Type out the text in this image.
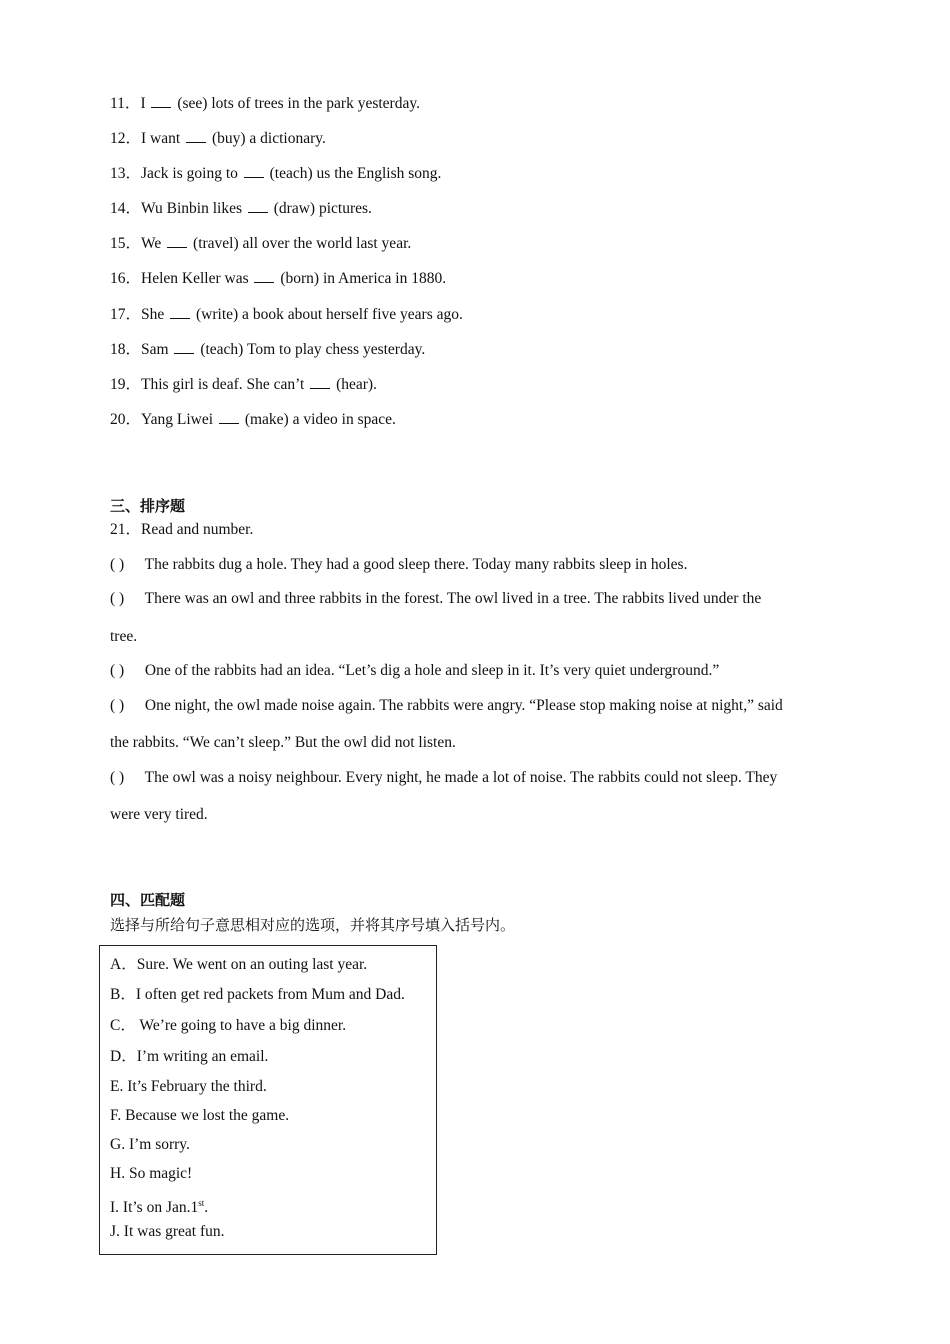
11．I (see) lots of trees in the park yesterday.
12．I want (buy) a dictionary.
13．Jack is going to (teach) us the English song.
14．Wu Binbin likes (draw) pictures.
15．We (travel) all over the world last year.
16．Helen Keller was (born) in America in 1880.
17．She (write) a book about herself five years ago.
18．Sam (teach) Tom to play chess yesterday.
19．This girl is deaf. She can’t (hear).
20．Yang Liwei (make) a video in space.
三、排序题
21．Read and number.
( ) The rabbits dug a hole. They had a good sleep there. Today many rabbits sleep in holes.
( ) There was an owl and three rabbits in the forest. The owl lived in a tree. The rabbits lived under the
tree.
( ) One of the rabbits had an idea. “Let’s dig a hole and sleep in it. It’s very quiet underground.”
( ) One night, the owl made noise again. The rabbits were angry. “Please stop making noise at night,” said
the rabbits. “We can’t sleep.” But the owl did not listen.
( ) The owl was a noisy neighbour. Every night, he made a lot of noise. The rabbits could not sleep. They
were very tired.
四、匹配题
选择与所给句子意思相对应的选项，并将其序号填入括号内。
A．Sure. We went on an outing last year.
B．I often get red packets from Mum and Dad.
C． We’re going to have a big dinner.
D．I’m writing an email.
E. It’s February the third.
F. Because we lost the game.
G. I’m sorry.
H. So magic!
I. It’s on Jan.1st.
J. It was great fun.
